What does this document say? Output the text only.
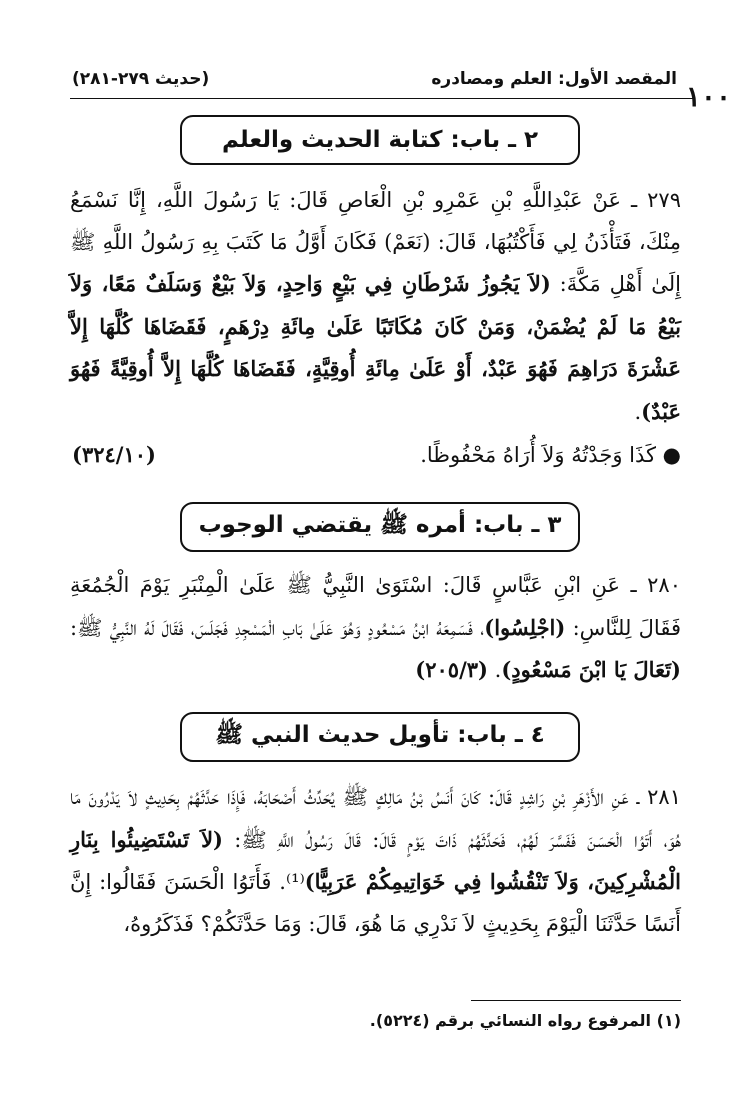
المقصد الأول: العلم ومصادره
(حديث ٢٧٩-٢٨١)
١٠٠
٢ ـ باب: كتابة الحديث والعلم
٢٧٩ ـ عَنْ عَبْدِاللَّهِ بْنِ عَمْرِو بْنِ الْعَاصِ قَالَ: يَا رَسُولَ اللَّهِ، إِنَّا نَسْمَعُ مِنْكَ، فَتَأْذَنُ لِي فَأَكْتُبُهَا، قَالَ: (نَعَمْ) فَكَانَ أَوَّلُ مَا كَتَبَ بِهِ رَسُولُ اللَّهِ ﷺ إِلَىٰ أَهْلِ مَكَّةَ: (لاَ يَجُوزُ شَرْطَانِ فِي بَيْعٍ وَاحِدٍ، وَلاَ بَيْعٌ وَسَلَفٌ مَعًا، وَلاَ بَيْعُ مَا لَمْ يُضْمَنْ، وَمَنْ كَانَ مُكَاتَبًا عَلَىٰ مِائَةِ دِرْهَمٍ، فَقَضَاهَا كُلَّهَا إِلاَّ عَشْرَةَ دَرَاهِمَ فَهُوَ عَبْدٌ، أَوْ عَلَىٰ مِائَةِ أُوقِيَّةٍ، فَقَضَاهَا كُلَّهَا إِلاَّ أُوقِيَّةً فَهُوَ عَبْدٌ).
● كَذَا وَجَدْتُهُ وَلاَ أُرَاهُ مَحْفُوظًا.
(٣٢٤/١٠)
٣ ـ باب: أمره ﷺ يقتضي الوجوب
٢٨٠ ـ عَنِ ابْنِ عَبَّاسٍ قَالَ: اسْتَوَىٰ النَّبِيُّ ﷺ عَلَىٰ الْمِنْبَرِ يَوْمَ الْجُمُعَةِ فَقَالَ لِلنَّاسِ: (اجْلِسُوا)، فَسَمِعَهُ ابْنُ مَسْعُودٍ وَهُوَ عَلَىٰ بَابِ الْمَسْجِدِ فَجَلَسَ، فَقَالَ لَهُ النَّبِيُّ ﷺ: (تَعَالَ يَا ابْنَ مَسْعُودٍ). (٢٠٥/٣)
٤ ـ باب: تأويل حديث النبي ﷺ
٢٨١ ـ عَنِ الأَزْهَرِ بْنِ رَاشِدٍ قَالَ: كَانَ أَنَسُ بْنُ مَالِكٍ ﷺ يُحَدِّثُ أَصْحَابَهُ، فَإِذَا حَدَّثَهُمْ بِحَدِيثٍ لاَ يَدْرُونَ مَا هُوَ، أَتَوُا الْحَسَنَ فَفَسَّرَ لَهُمْ، فَحَدَّثَهُمْ ذَاتَ يَوْمٍ قَالَ: قَالَ رَسُولُ اللَّهِ ﷺ: (لاَ تَسْتَضِيئُوا بِنَارِ الْمُشْرِكِينَ، وَلاَ تَنْقُشُوا فِي خَوَاتِيمِكُمْ عَرَبِيًّا)⁽¹⁾. فَأَتَوُا الْحَسَنَ فَقَالُوا: إِنَّ أَنَسًا حَدَّثَنَا الْيَوْمَ بِحَدِيثٍ لاَ نَدْرِي مَا هُوَ، قَالَ: وَمَا حَدَّثَكُمْ؟ فَذَكَرُوهُ،
(١) المرفوع رواه النسائي برقم (٥٢٢٤).
